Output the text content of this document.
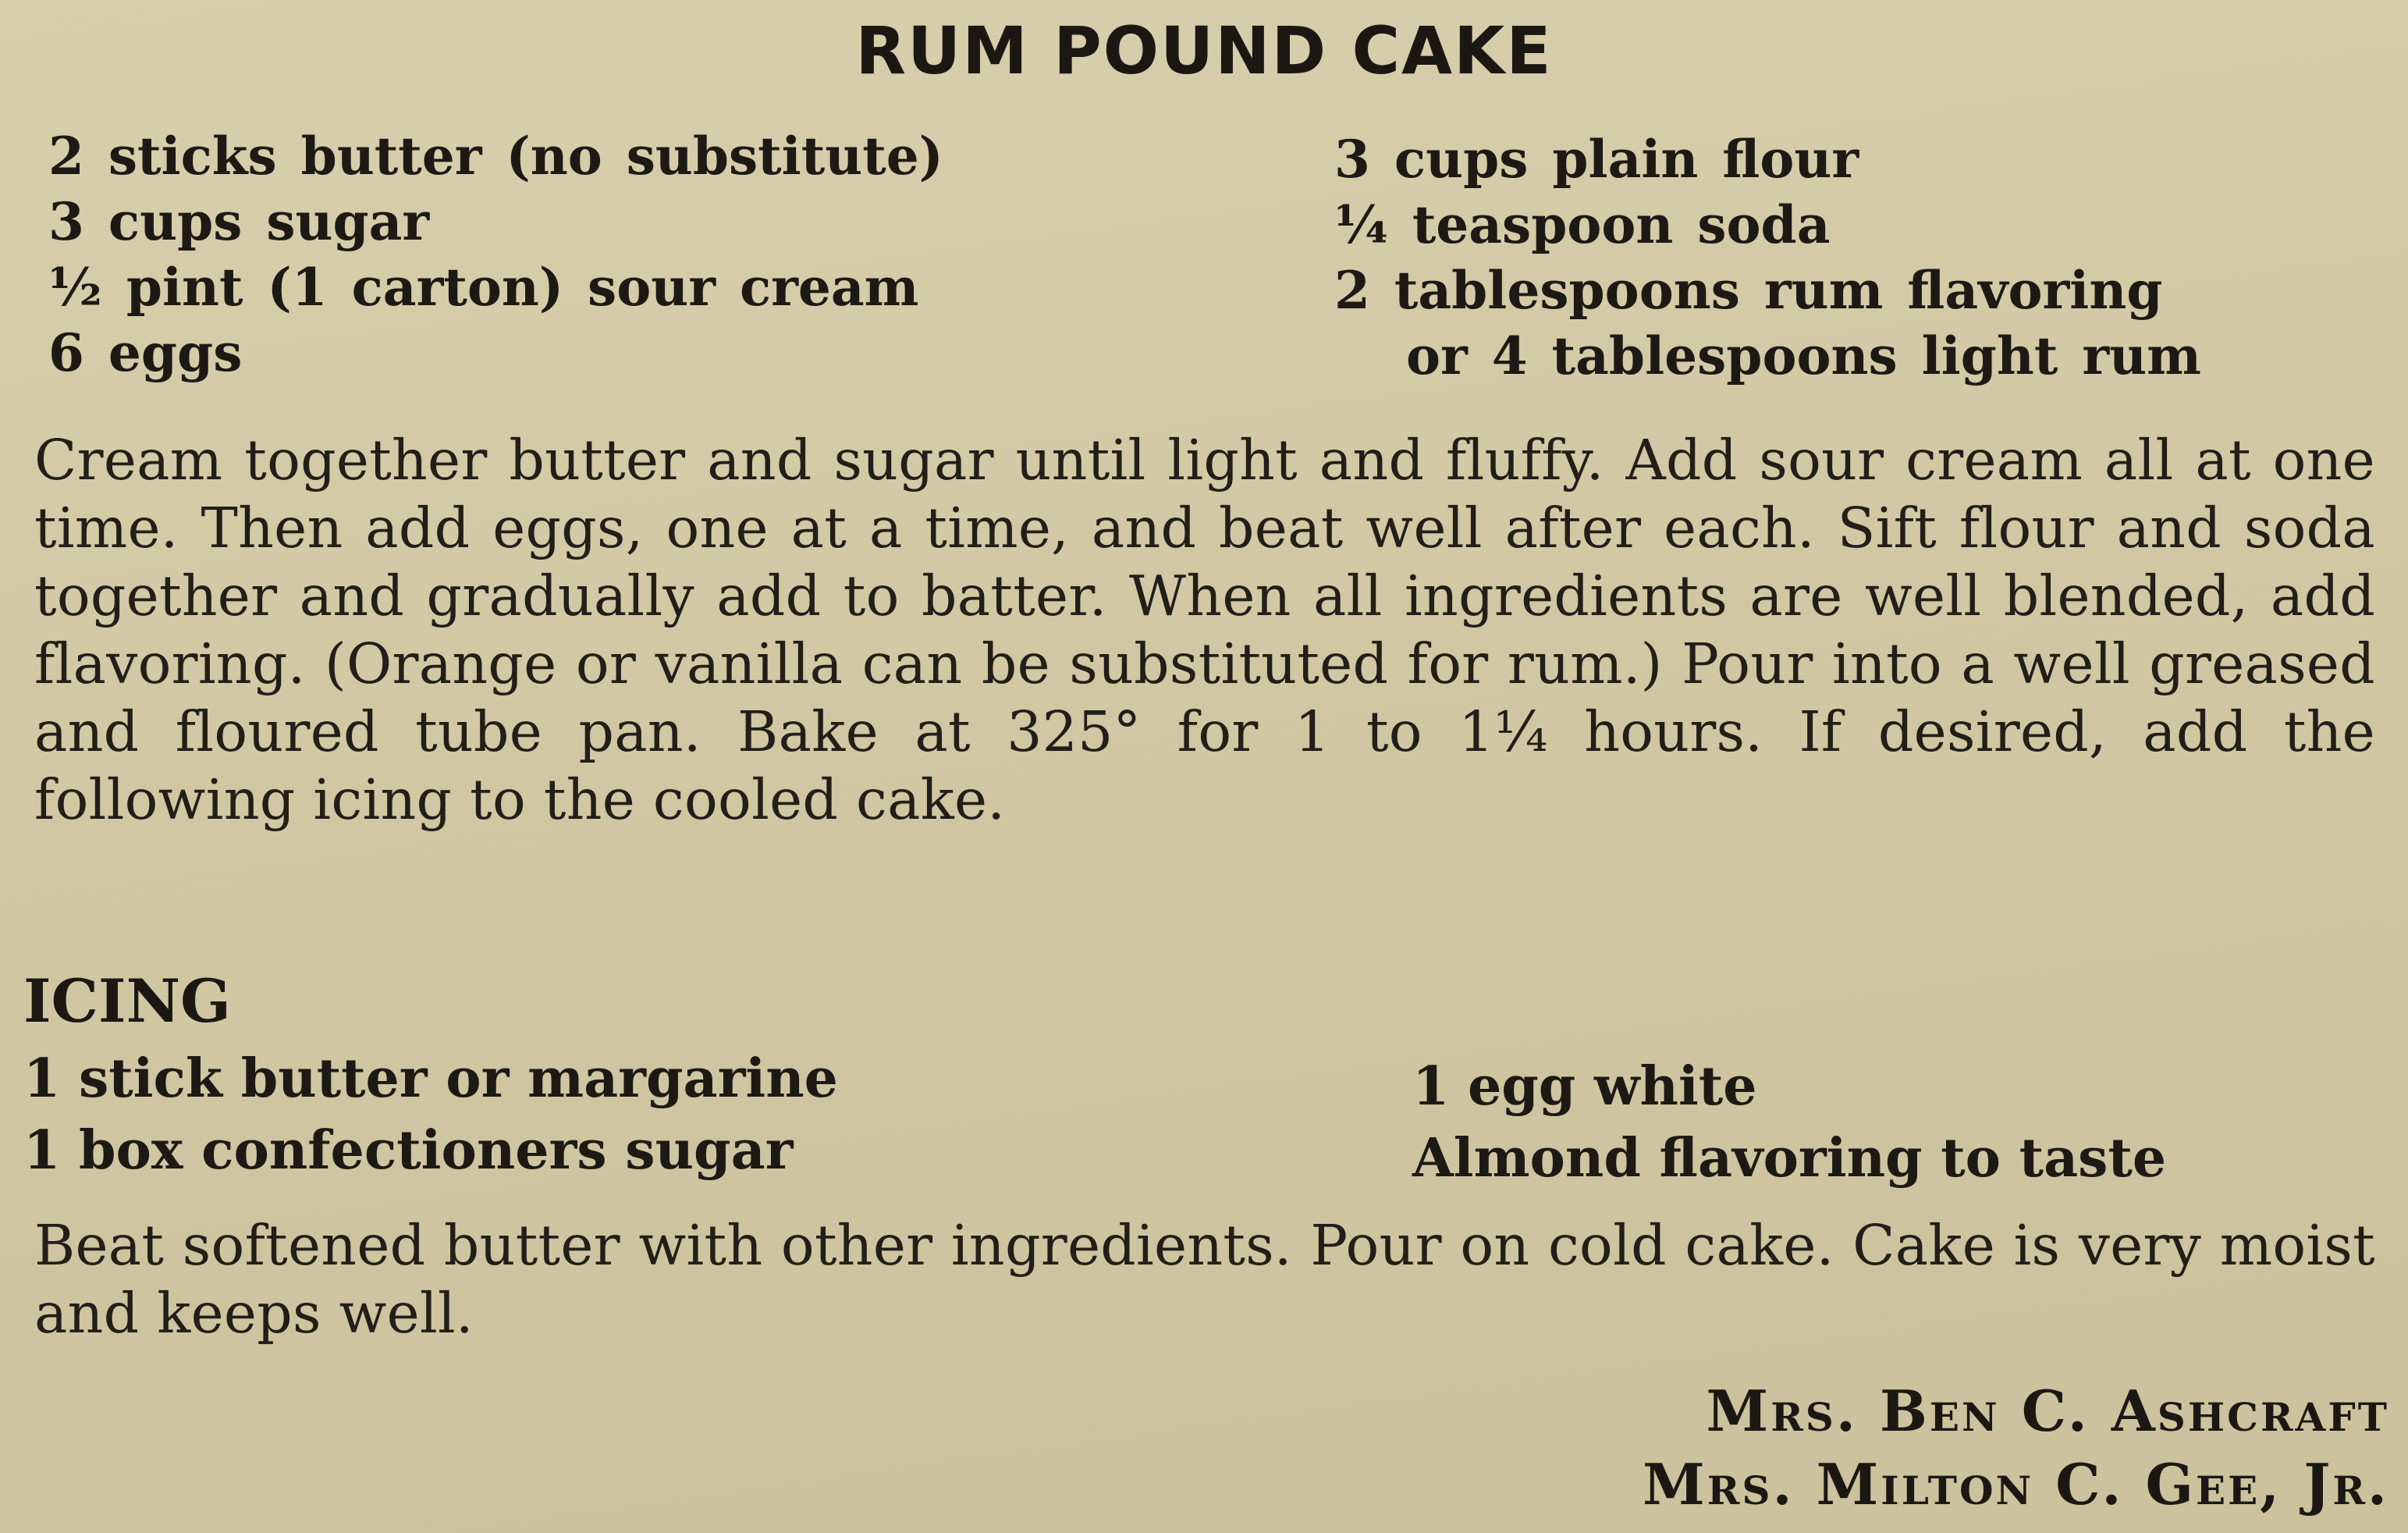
RUM POUND CAKE
2 sticks butter (no substitute)
3 cups sugar
½ pint (1 carton) sour cream
6 eggs
3 cups plain flour
¼ teaspoon soda
2 tablespoons rum flavoring
or 4 tablespoons light rum
Cream together butter and sugar until light and fluffy. Add sour cream all at one time. Then add eggs, one at a time, and beat well after each. Sift flour and soda together and gradually add to batter. When all ingredients are well blended, add flavoring. (Orange or vanilla can be substituted for rum.) Pour into a well greased and floured tube pan. Bake at 325° for 1 to 1¼ hours. If desired, add the following icing to the cooled cake.
ICING
1 stick butter or margarine
1 box confectioners sugar
1 egg white
Almond flavoring to taste
Beat softened butter with other ingredients. Pour on cold cake. Cake is very moist and keeps well.
Mrs. Ben C. Ashcraft
Mrs. Milton C. Gee, Jr.
